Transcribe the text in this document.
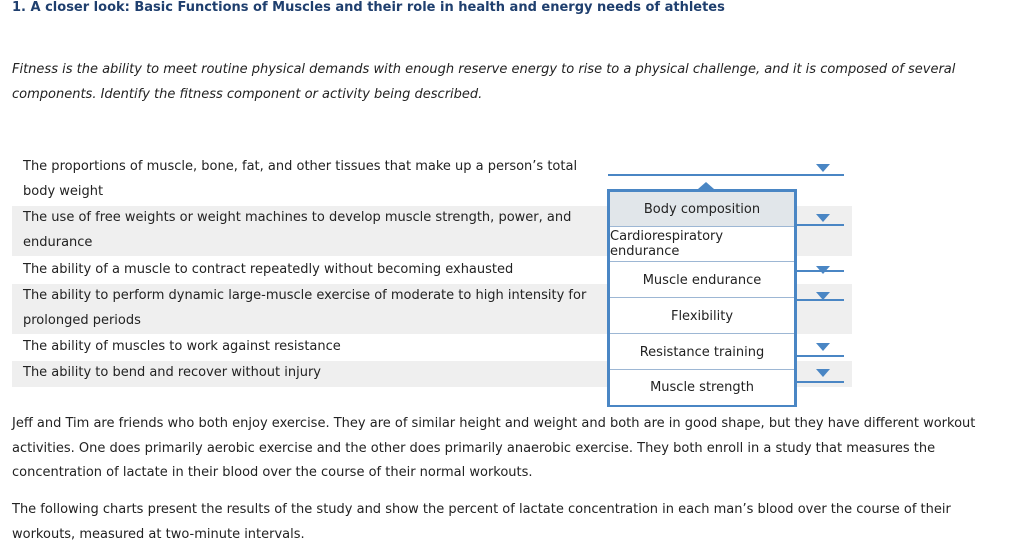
1. A closer look: Basic Functions of Muscles and their role in health and energy needs of athletes
Fitness is the ability to meet routine physical demands with enough reserve energy to rise to a physical challenge, and it is composed of several components. Identify the fitness component or activity being described.
The proportions of muscle, bone, fat, and other tissues that make up a person’s total body weight
The use of free weights or weight machines to develop muscle strength, power, and endurance
The ability of a muscle to contract repeatedly without becoming exhausted
The ability to perform dynamic large-muscle exercise of moderate to high intensity for prolonged periods
The ability of muscles to work against resistance
The ability to bend and recover without injury
Body composition
Cardiorespiratory endurance
Muscle endurance
Flexibility
Resistance training
Muscle strength
Jeff and Tim are friends who both enjoy exercise. They are of similar height and weight and both are in good shape, but they have different workout activities. One does primarily aerobic exercise and the other does primarily anaerobic exercise. They both enroll in a study that measures the concentration of lactate in their blood over the course of their normal workouts.
The following charts present the results of the study and show the percent of lactate concentration in each man’s blood over the course of their workouts, measured at two-minute intervals.
